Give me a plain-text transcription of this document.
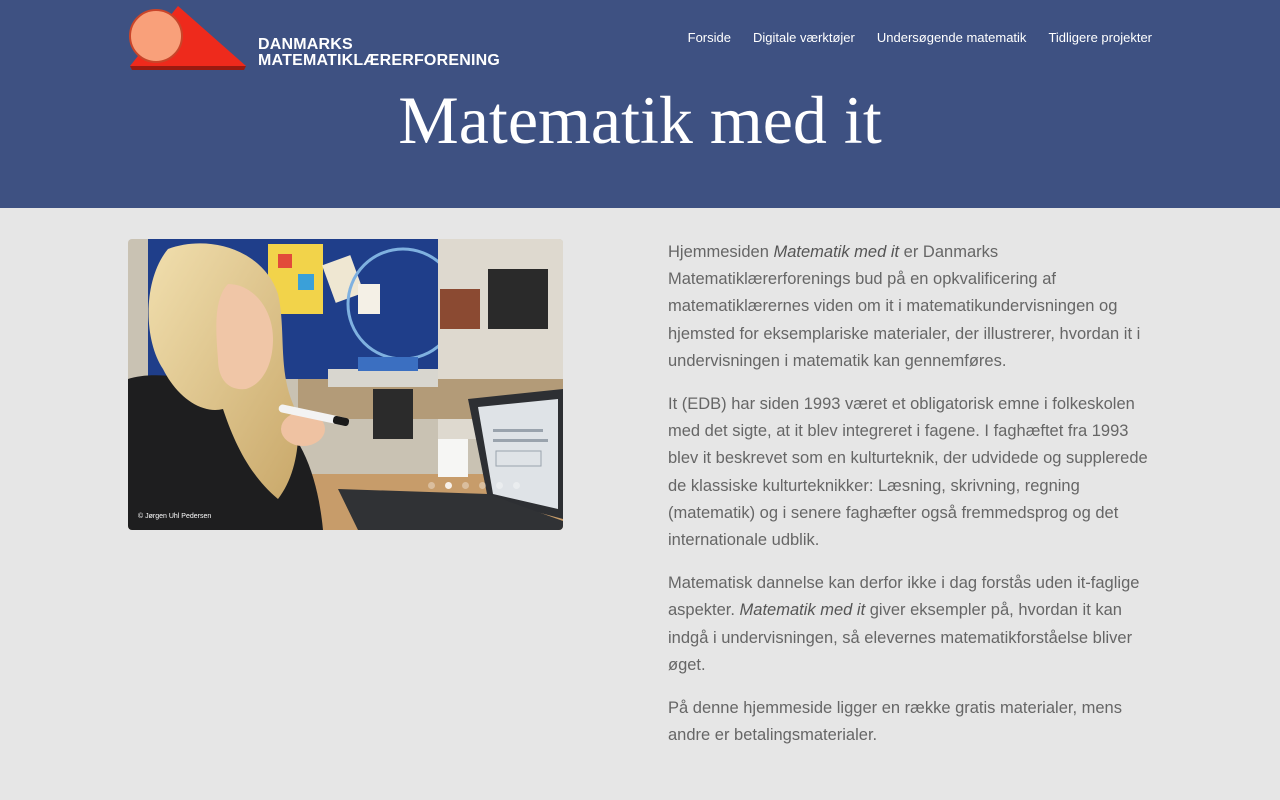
DANMARKS
MATEMATIKLÆRERFORENING
Forside Digitale værktøjer Undersøgende matematik Tidligere projekter
Matematik med it
© Jørgen Uhl Pedersen

Hjemmesiden Matematik med it er Danmarks Matematiklærerforenings bud på en opkvalificering af matematiklærernes viden om it i matematikundervisningen og hjemsted for eksemplariske materialer, der illustrerer, hvordan it i undervisningen i matematik kan gennemføres.

It (EDB) har siden 1993 været et obligatorisk emne i folkeskolen med det sigte, at it blev integreret i fagene. I faghæftet fra 1993 blev it beskrevet som en kulturteknik, der udvidede og supplerede de klassiske kulturteknikker: Læsning, skrivning, regning (matematik) og i senere faghæfter også fremmedsprog og det internationale udblik.

Matematisk dannelse kan derfor ikke i dag forstås uden it-faglige aspekter. Matematik med it giver eksempler på, hvordan it kan indgå i undervisningen, så elevernes matematikforståelse bliver øget.

På denne hjemmeside ligger en række gratis materialer, mens andre er betalingsmaterialer.
